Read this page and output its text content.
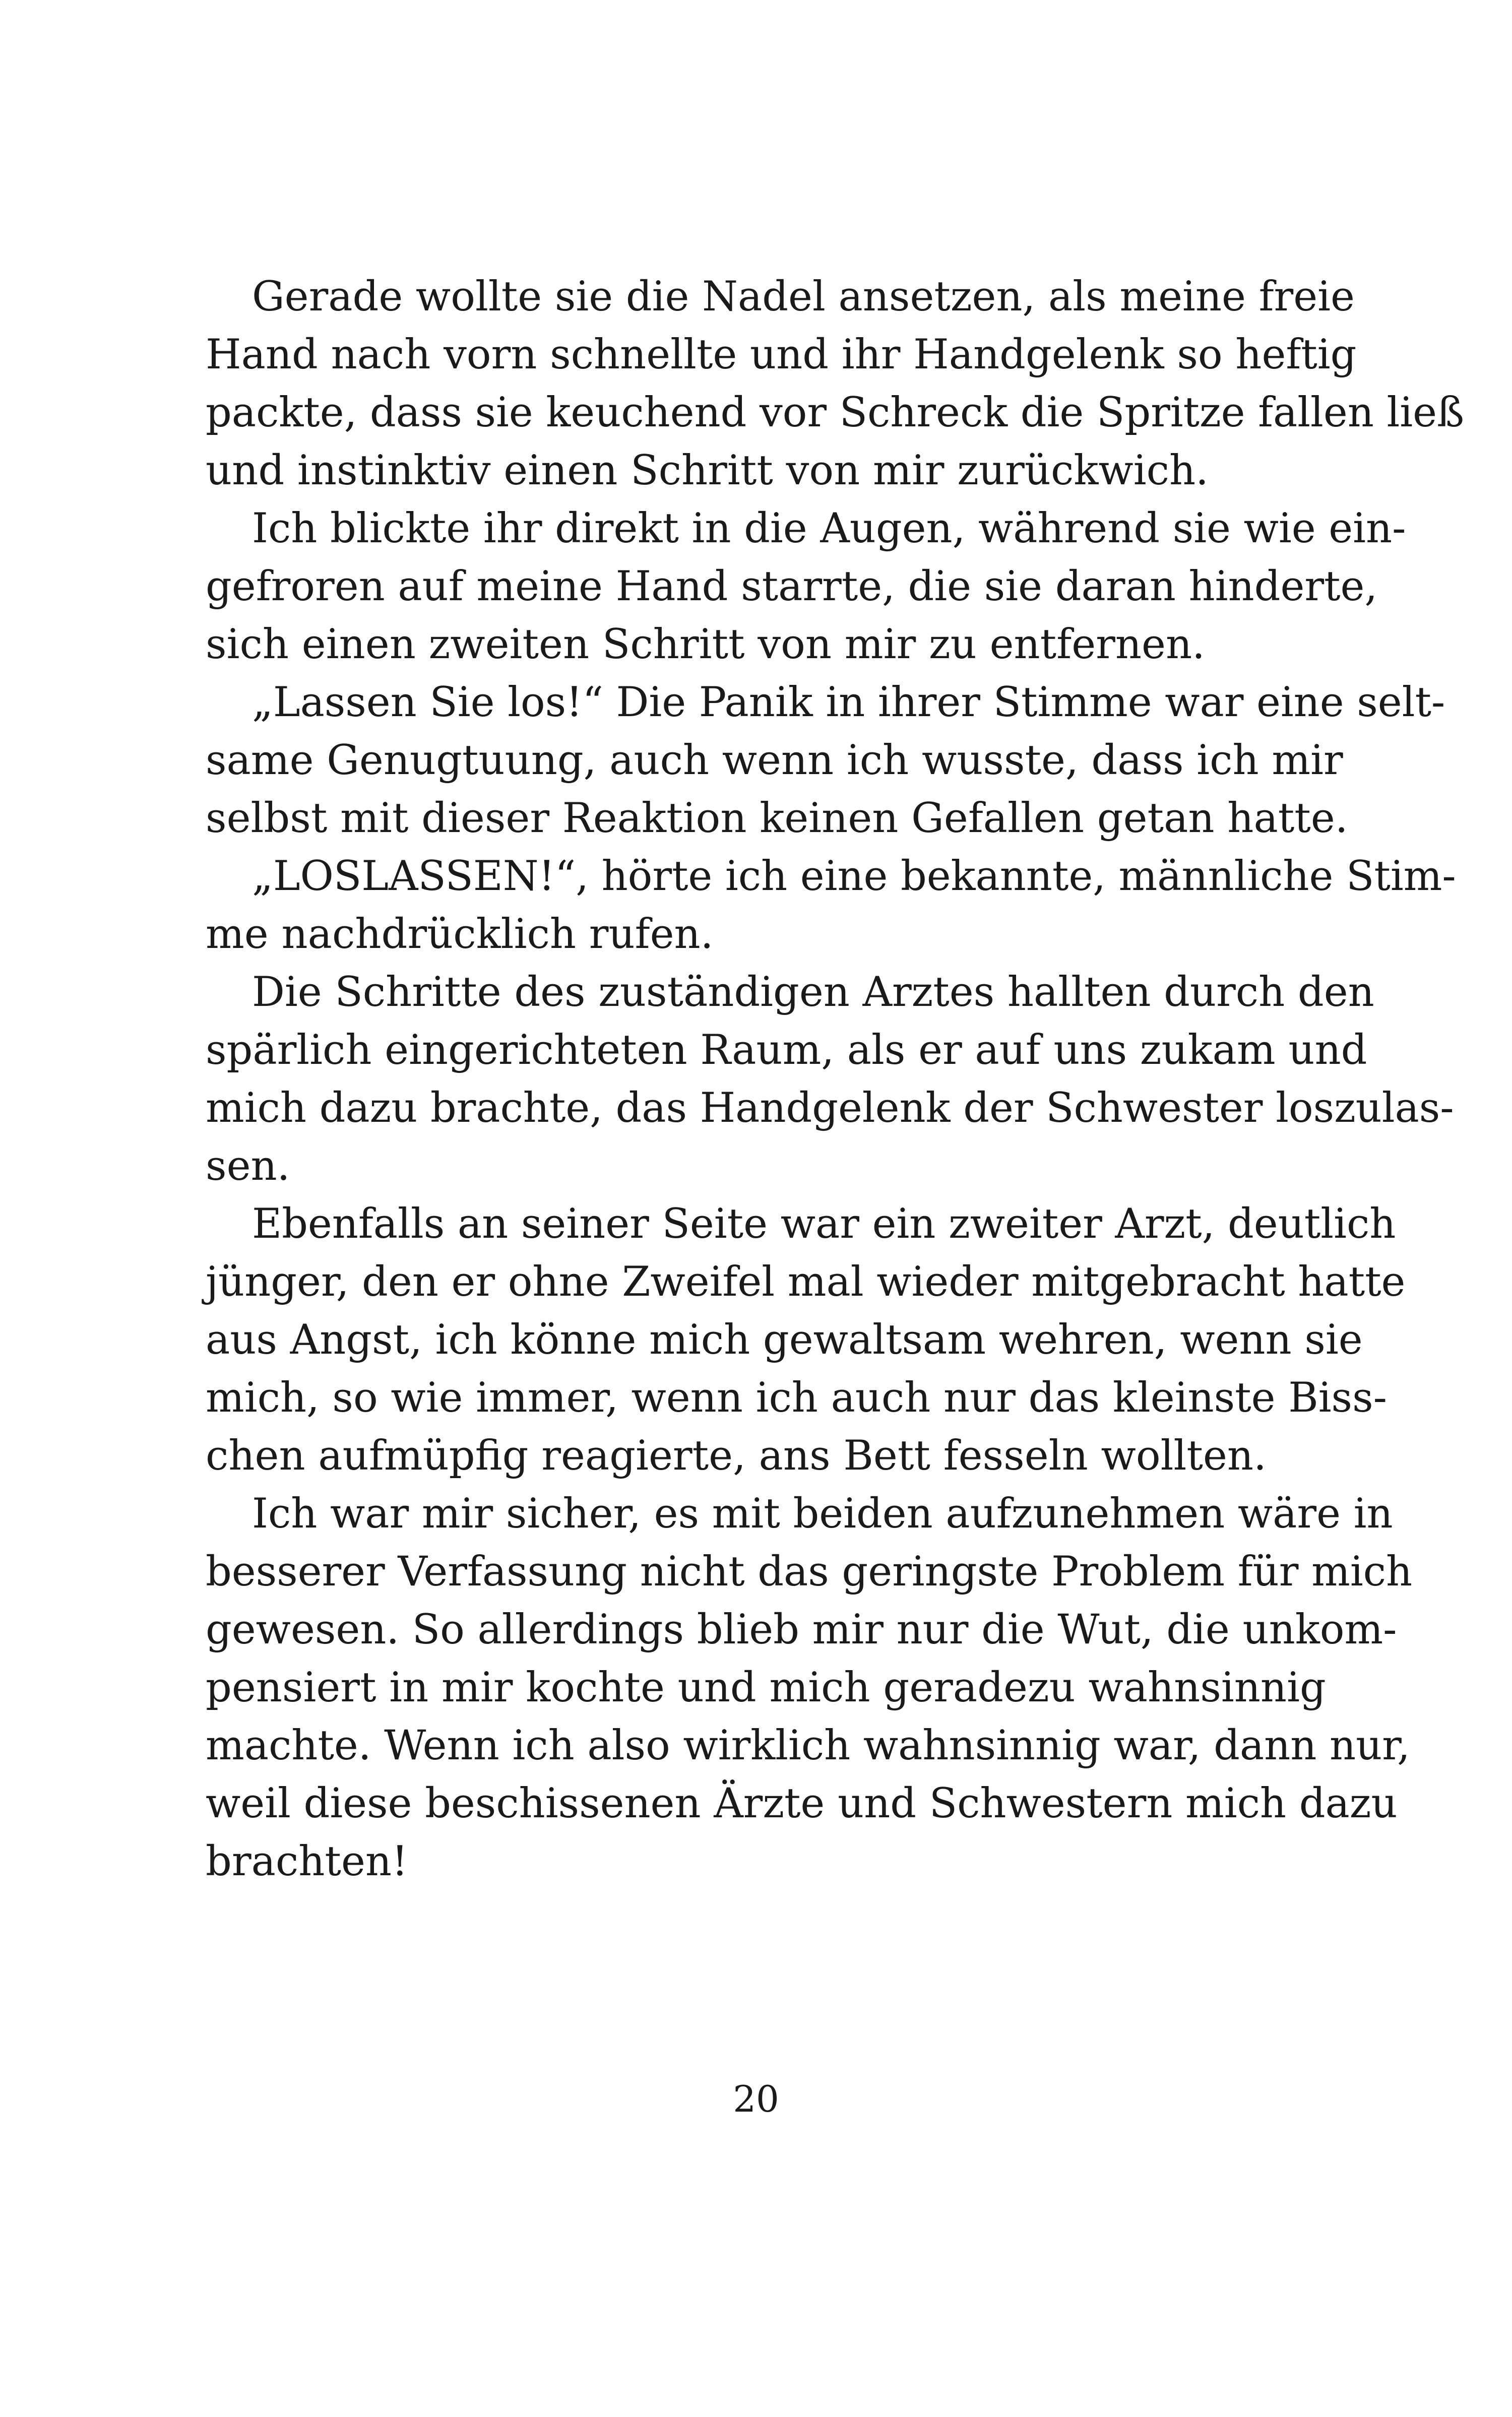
Gerade wollte sie die Nadel ansetzen, als meine freie
Hand nach vorn schnellte und ihr Handgelenk so heftig
packte, dass sie keuchend vor Schreck die Spritze fallen ließ
und instinktiv einen Schritt von mir zurückwich.
Ich blickte ihr direkt in die Augen, während sie wie ein-
gefroren auf meine Hand starrte, die sie daran hinderte,
sich einen zweiten Schritt von mir zu entfernen.
„Lassen Sie los!“ Die Panik in ihrer Stimme war eine selt-
same Genugtuung, auch wenn ich wusste, dass ich mir
selbst mit dieser Reaktion keinen Gefallen getan hatte.
„LOSLASSEN!“, hörte ich eine bekannte, männliche Stim-
me nachdrücklich rufen.
Die Schritte des zuständigen Arztes hallten durch den
spärlich eingerichteten Raum, als er auf uns zukam und
mich dazu brachte, das Handgelenk der Schwester loszulas-
sen.
Ebenfalls an seiner Seite war ein zweiter Arzt, deutlich
jünger, den er ohne Zweifel mal wieder mitgebracht hatte
aus Angst, ich könne mich gewaltsam wehren, wenn sie
mich, so wie immer, wenn ich auch nur das kleinste Biss-
chen aufmüpfig reagierte, ans Bett fesseln wollten.
Ich war mir sicher, es mit beiden aufzunehmen wäre in
besserer Verfassung nicht das geringste Problem für mich
gewesen. So allerdings blieb mir nur die Wut, die unkom-
pensiert in mir kochte und mich geradezu wahnsinnig
machte. Wenn ich also wirklich wahnsinnig war, dann nur,
weil diese beschissenen Ärzte und Schwestern mich dazu
brachten!
20
